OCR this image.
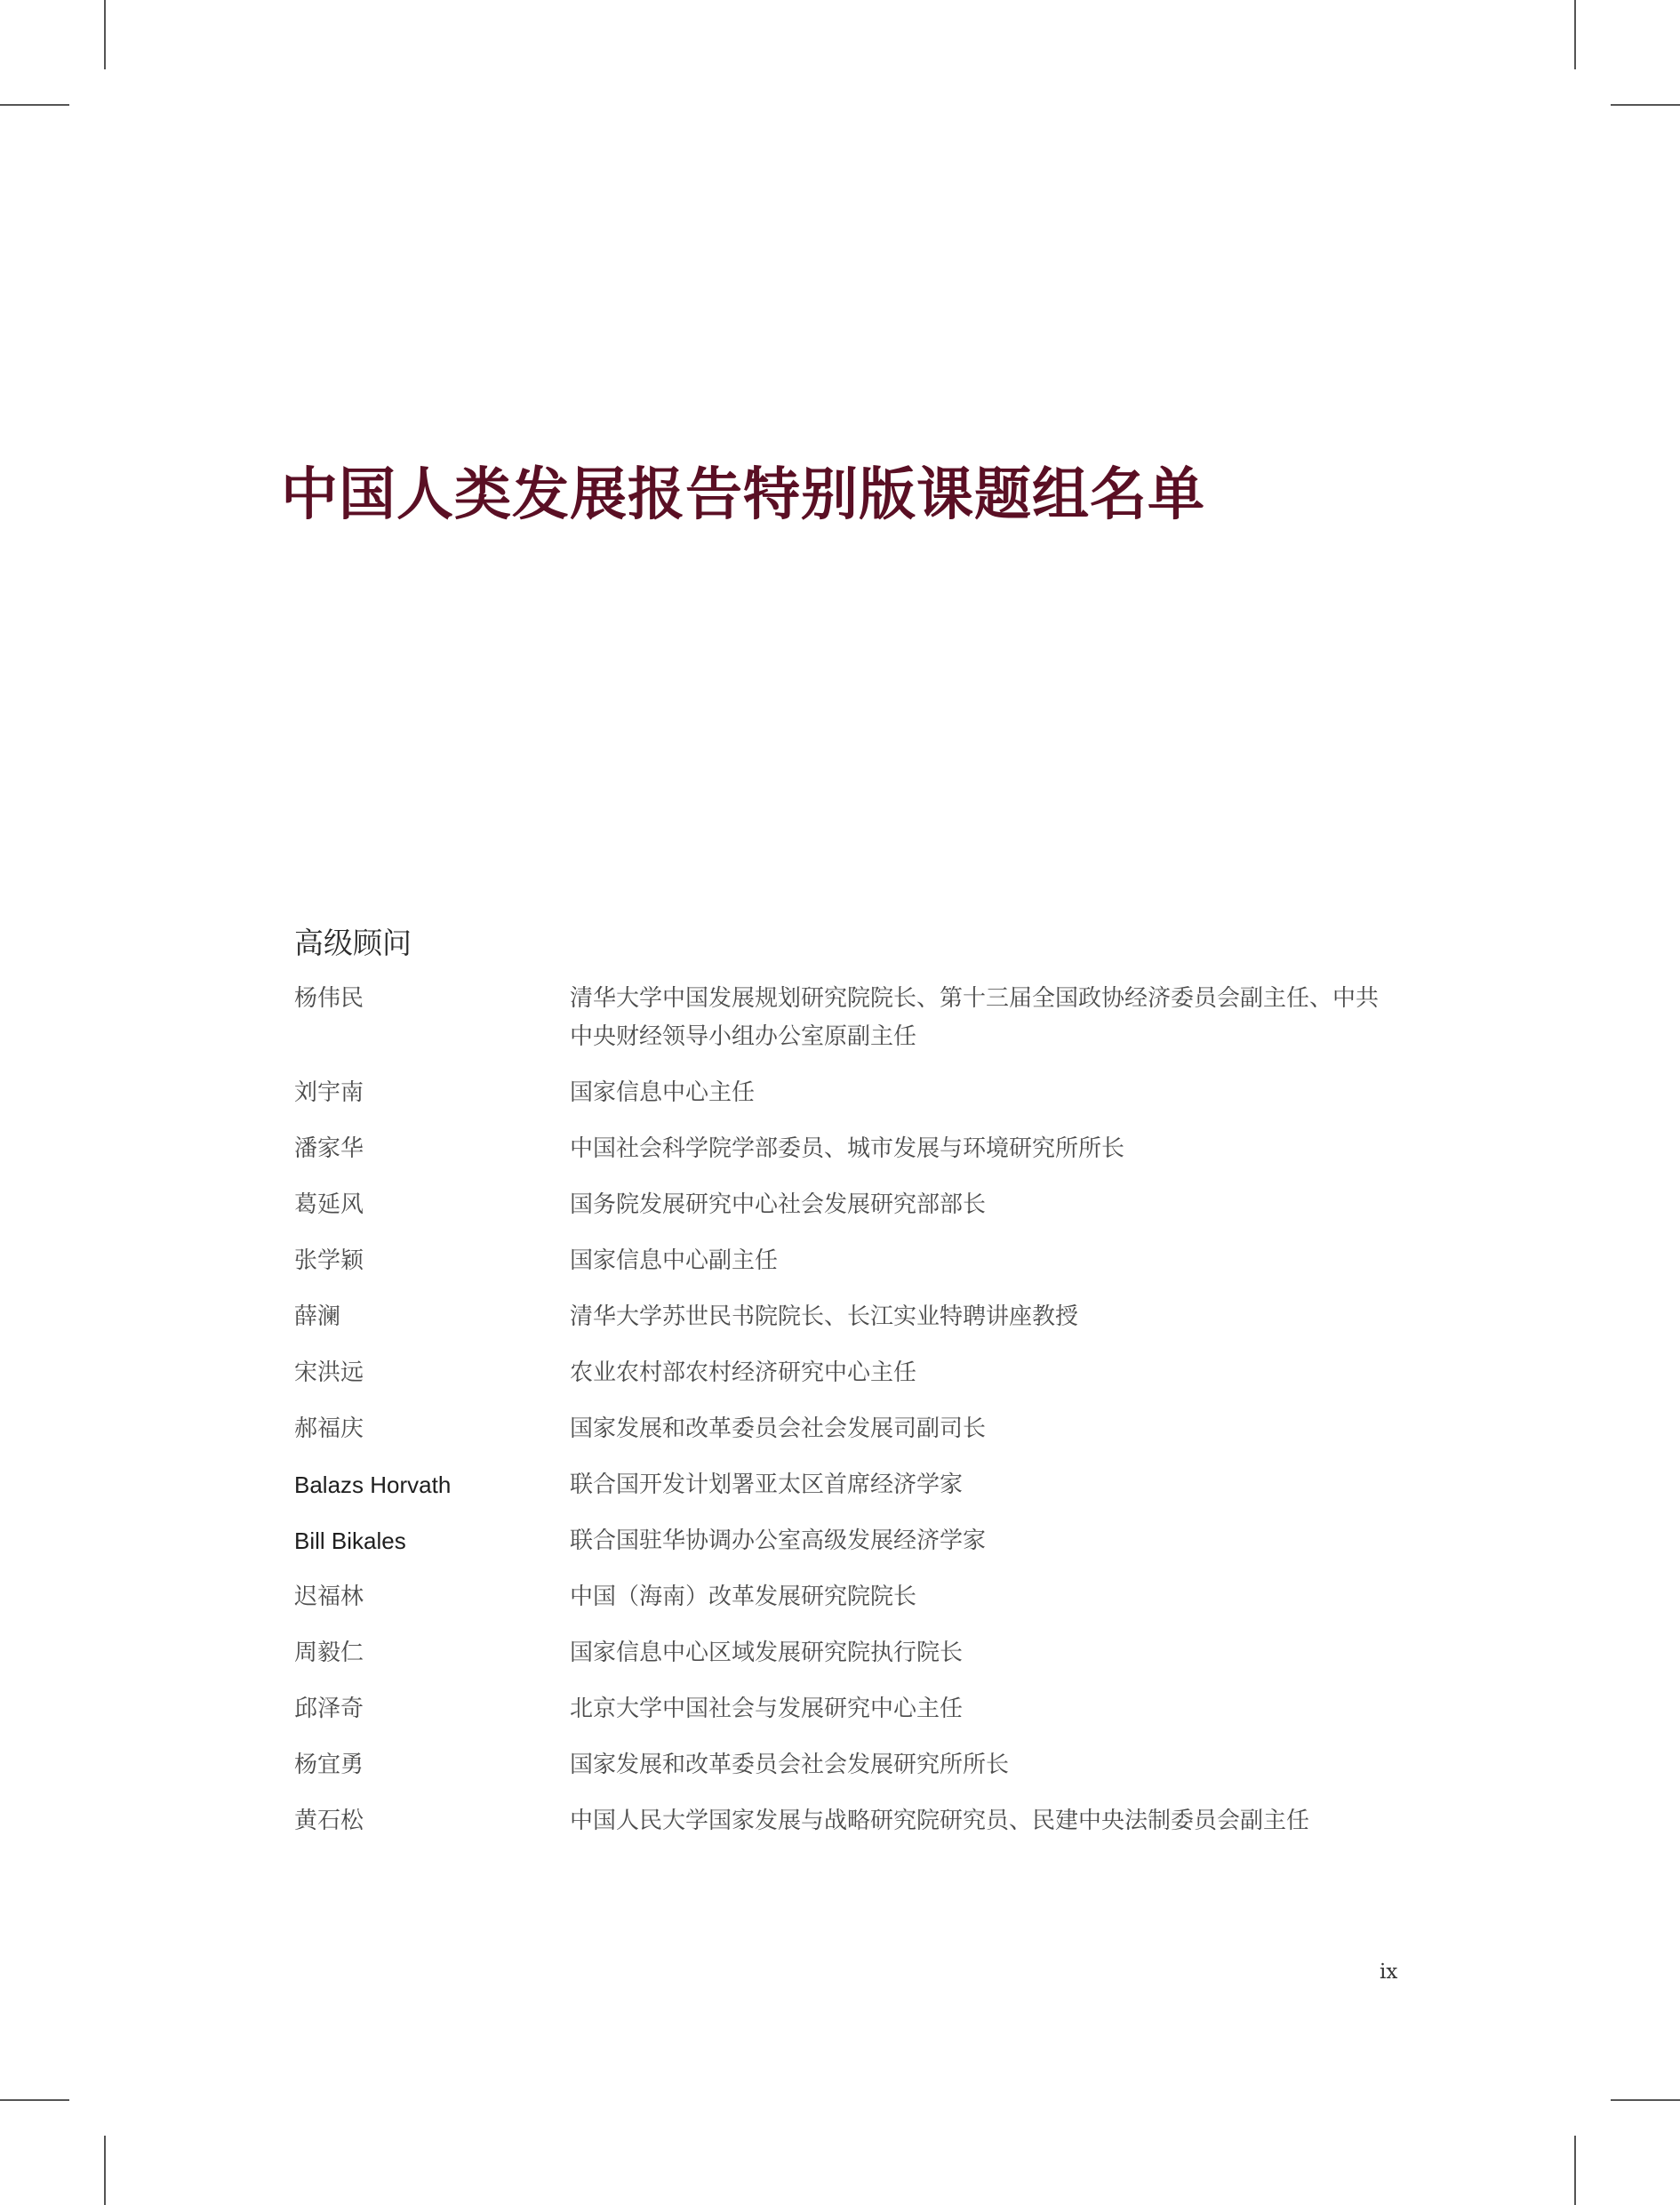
中国人类发展报告特别版课题组名单
高级顾问
杨伟民	清华大学中国发展规划研究院院长、第十三届全国政协经济委员会副主任、中共中央财经领导小组办公室原副主任
刘宇南	国家信息中心主任
潘家华	中国社会科学院学部委员、城市发展与环境研究所所长
葛延风	国务院发展研究中心社会发展研究部部长
张学颖	国家信息中心副主任
薛澜	清华大学苏世民书院院长、长江实业特聘讲座教授
宋洪远	农业农村部农村经济研究中心主任
郝福庆	国家发展和改革委员会社会发展司副司长
Balazs Horvath	联合国开发计划署亚太区首席经济学家
Bill Bikales	联合国驻华协调办公室高级发展经济学家
迟福林	中国（海南）改革发展研究院院长
周毅仁	国家信息中心区域发展研究院执行院长
邱泽奇	北京大学中国社会与发展研究中心主任
杨宜勇	国家发展和改革委员会社会发展研究所所长
黄石松	中国人民大学国家发展与战略研究院研究员、民建中央法制委员会副主任
ix
